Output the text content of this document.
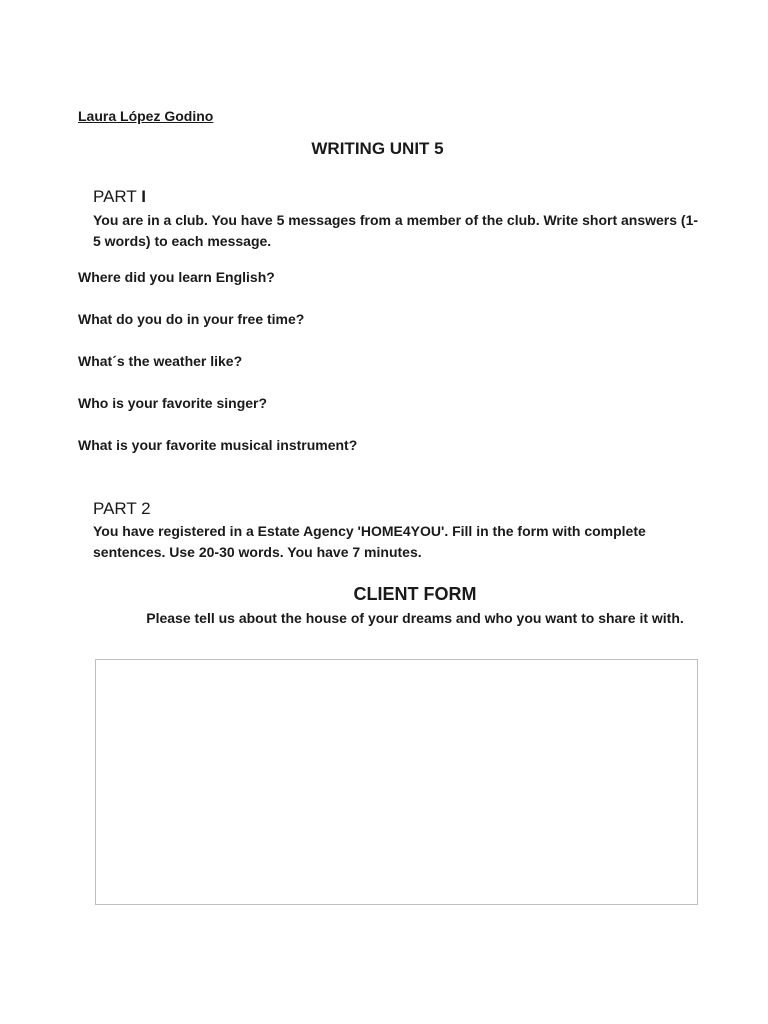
Laura López Godino
WRITING UNIT 5
PART I
You are in a club. You have 5 messages from a member of the club. Write short answers (1-5 words) to each message.
Where did you learn English?
What do you do in your free time?
What´s the weather like?
Who is your favorite singer?
What is your favorite musical instrument?
PART 2
You have registered in a Estate Agency 'HOME4YOU'. Fill in the form with complete sentences. Use 20-30 words. You have 7 minutes.
CLIENT FORM
Please tell us about the house of your dreams and who you want to share it with.
